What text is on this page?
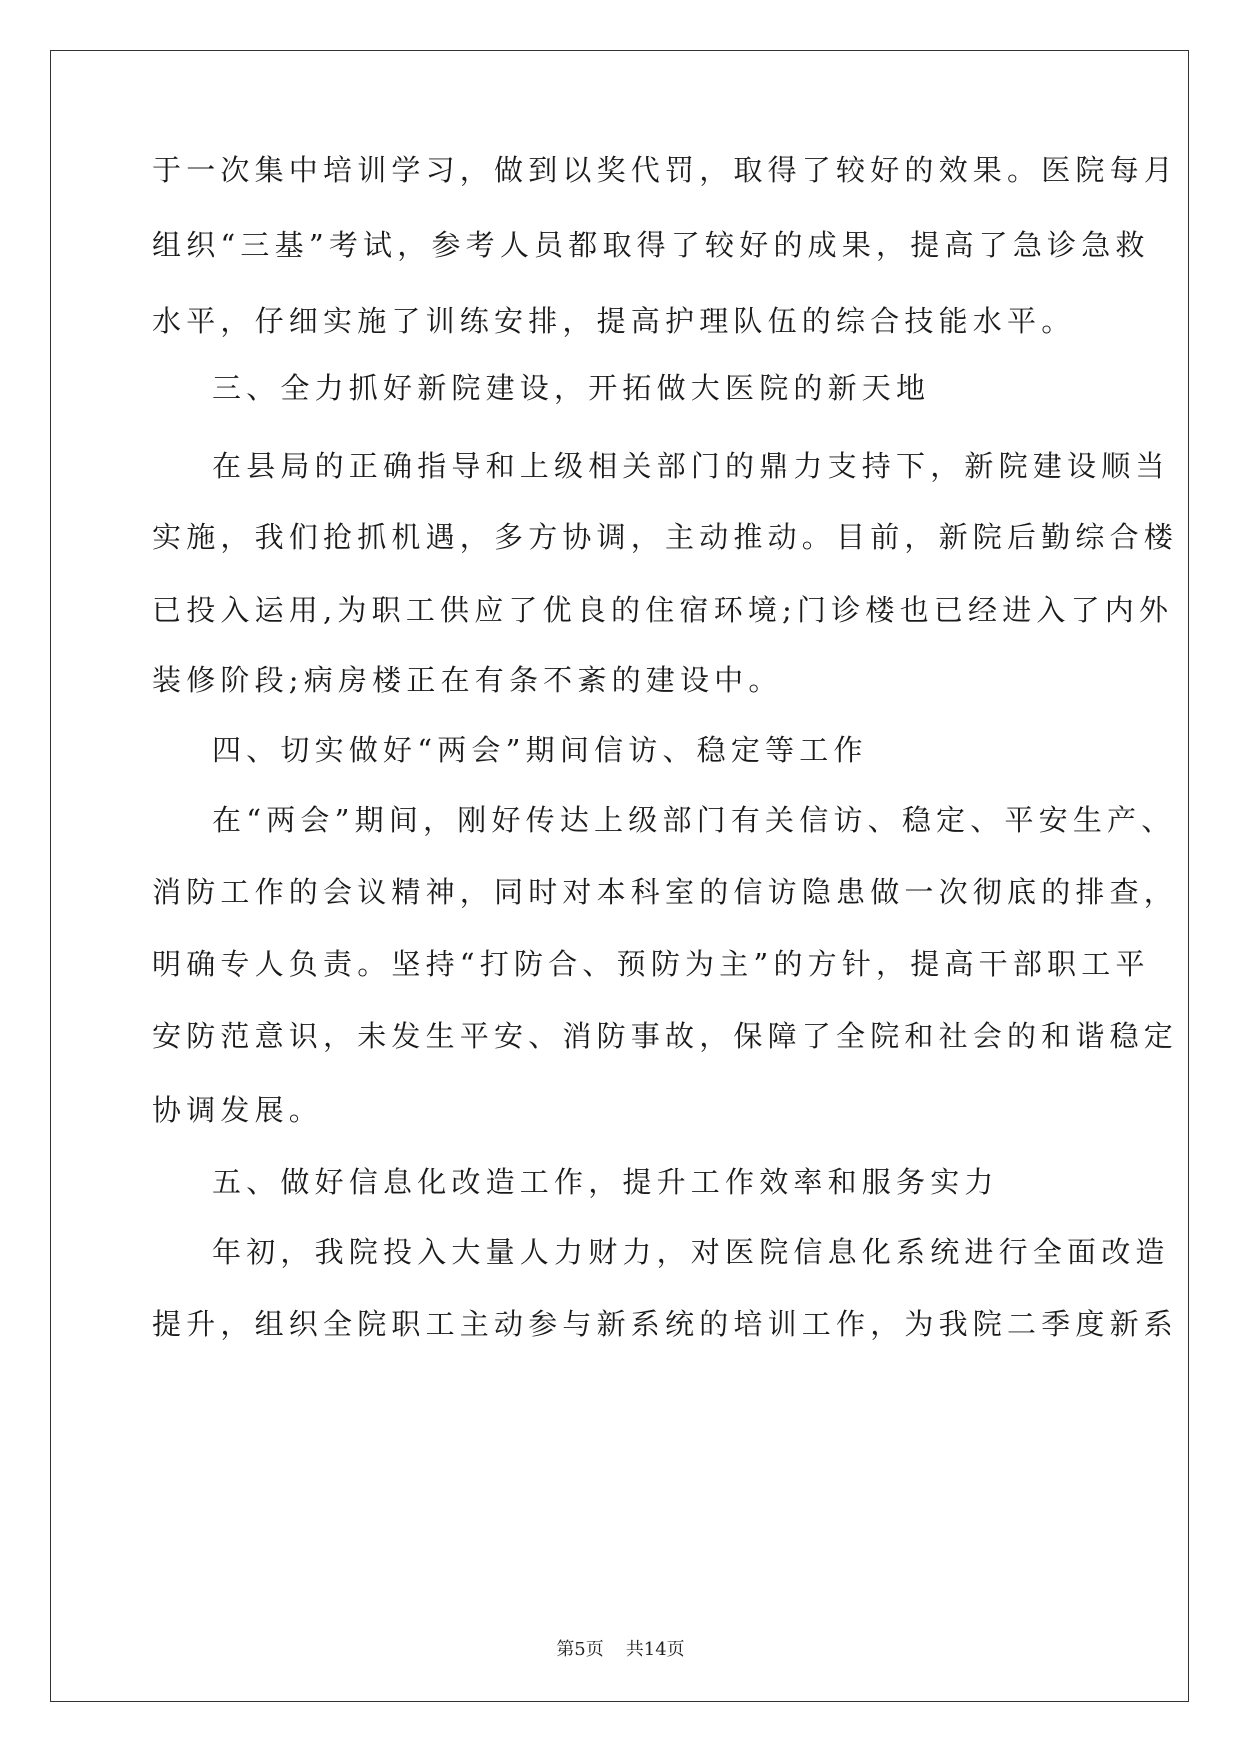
于一次集中培训学习，做到以奖代罚，取得了较好的效果。医院每月
组织“三基”考试，参考人员都取得了较好的成果，提高了急诊急救
水平，仔细实施了训练安排，提高护理队伍的综合技能水平。
三、全力抓好新院建设，开拓做大医院的新天地
在县局的正确指导和上级相关部门的鼎力支持下，新院建设顺当
实施，我们抢抓机遇，多方协调，主动推动。目前，新院后勤综合楼
已投入运用,为职工供应了优良的住宿环境;门诊楼也已经进入了内外
装修阶段;病房楼正在有条不紊的建设中。
四、切实做好“两会”期间信访、稳定等工作
在“两会”期间，刚好传达上级部门有关信访、稳定、平安生产、
消防工作的会议精神，同时对本科室的信访隐患做一次彻底的排查，
明确专人负责。坚持“打防合、预防为主”的方针，提高干部职工平
安防范意识，未发生平安、消防事故，保障了全院和社会的和谐稳定
协调发展。
五、做好信息化改造工作，提升工作效率和服务实力
年初，我院投入大量人力财力，对医院信息化系统进行全面改造
提升，组织全院职工主动参与新系统的培训工作，为我院二季度新系
第5页 共14页
